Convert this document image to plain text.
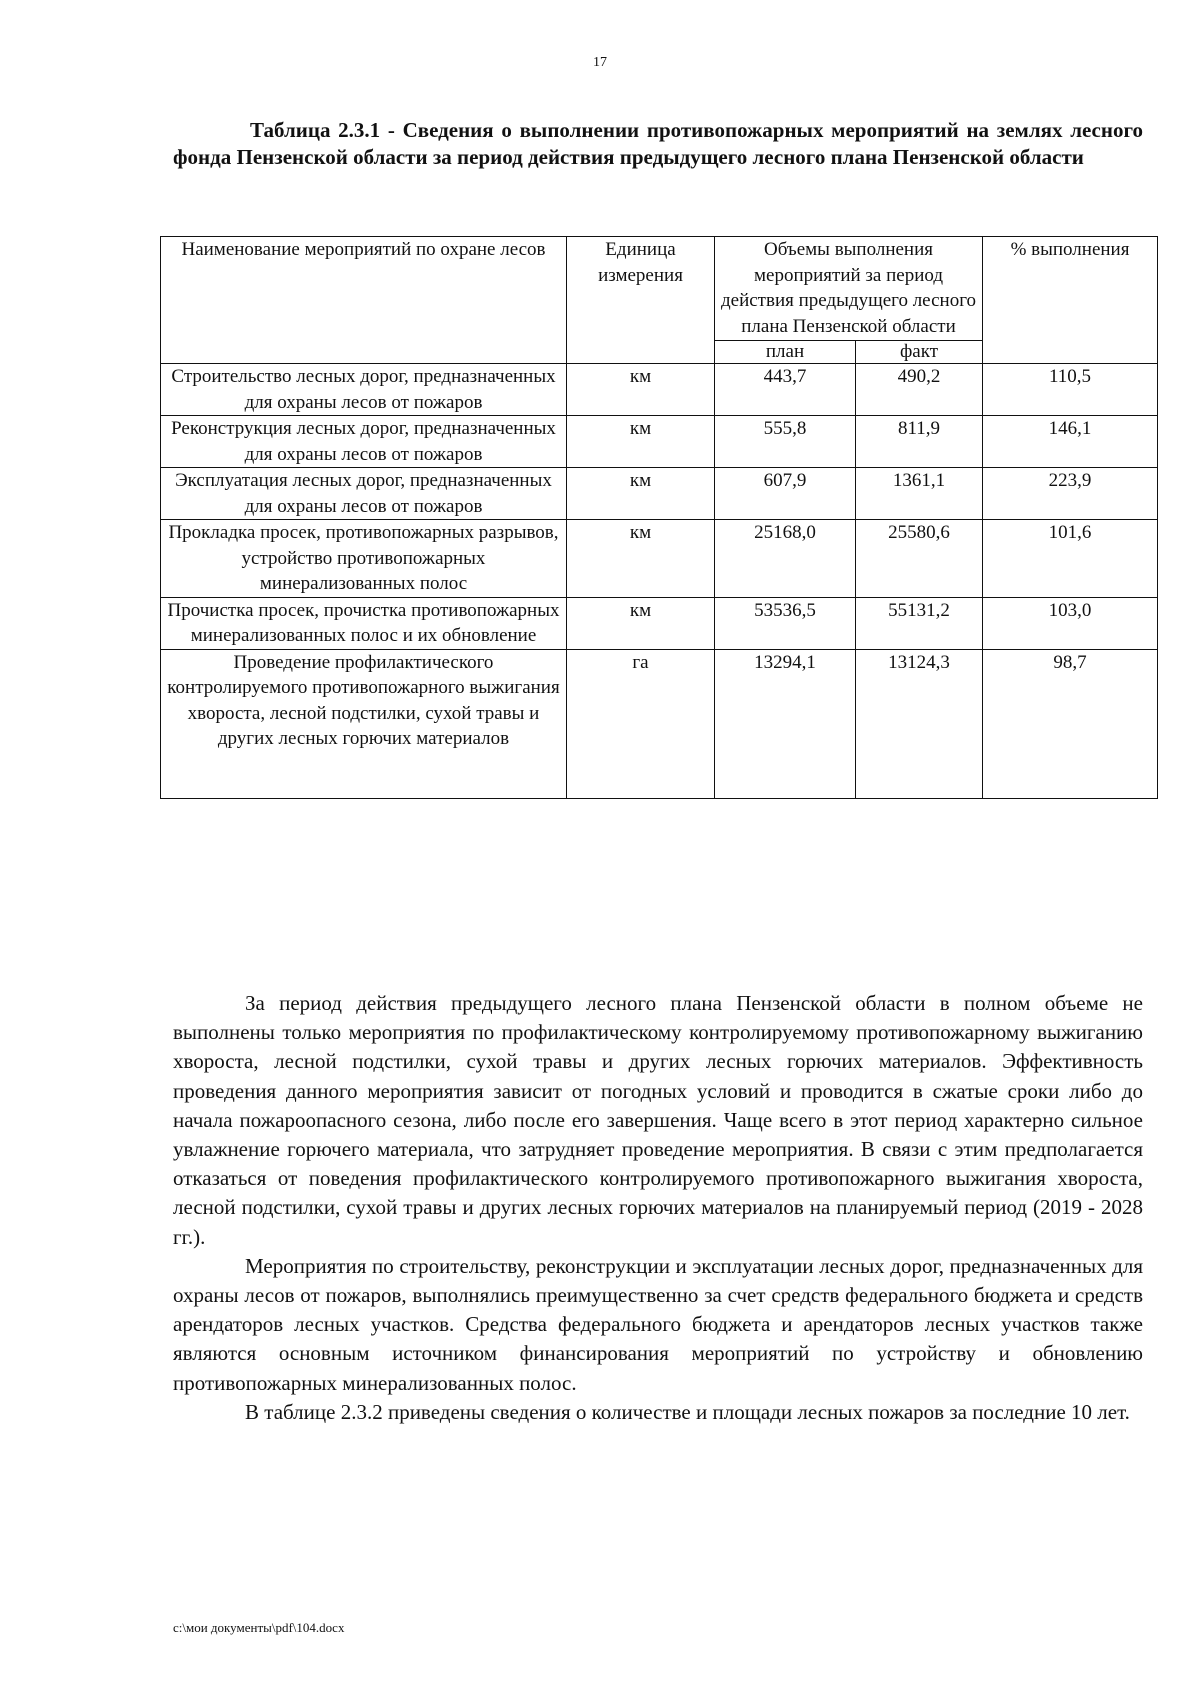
17
Таблица 2.3.1 - Сведения о выполнении противопожарных мероприятий на землях лесного фонда Пензенской области за период действия предыдущего лесного плана Пензенской области
Наименование мероприятий по охране лесов	Единица измерения	Объемы выполнения мероприятий за период действия предыдущего лесного плана Пензенской области		% выполнения
		план	факт	
Строительство лесных дорог, предназначенных для охраны лесов от пожаров	км	443,7	490,2	110,5
Реконструкция лесных дорог, предназначенных для охраны лесов от пожаров	км	555,8	811,9	146,1
Эксплуатация лесных дорог, предназначенных для охраны лесов от пожаров	км	607,9	1361,1	223,9
Прокладка просек, противопожарных разрывов, устройство противопожарных минерализованных полос	км	25168,0	25580,6	101,6
Прочистка просек, прочистка противопожарных минерализованных полос и их обновление	км	53536,5	55131,2	103,0
Проведение профилактического контролируемого противопожарного выжигания хвороста, лесной подстилки, сухой травы и других лесных горючих материалов	га	13294,1	13124,3	98,7

За период действия предыдущего лесного плана Пензенской области в полном объеме не выполнены только мероприятия по профилактическому контролируемому противопожарному выжиганию хвороста, лесной подстилки, сухой травы и других лесных горючих материалов. Эффективность проведения данного мероприятия зависит от погодных условий и проводится в сжатые сроки либо до начала пожароопасного сезона, либо после его завершения. Чаще всего в этот период характерно сильное увлажнение горючего материала, что затрудняет проведение мероприятия. В связи с этим предполагается отказаться от поведения профилактического контролируемого противопожарного выжигания хвороста, лесной подстилки, сухой травы и других лесных горючих материалов на планируемый период (2019 - 2028 гг.).

Мероприятия по строительству, реконструкции и эксплуатации лесных дорог, предназначенных для охраны лесов от пожаров, выполнялись преимущественно за счет средств федерального бюджета и средств арендаторов лесных участков. Средства федерального бюджета и арендаторов лесных участков также являются основным источником финансирования мероприятий по устройству и обновлению противопожарных минерализованных полос.

В таблице 2.3.2 приведены сведения о количестве и площади лесных пожаров за последние 10 лет.

c:\мои документы\pdf\104.docx
